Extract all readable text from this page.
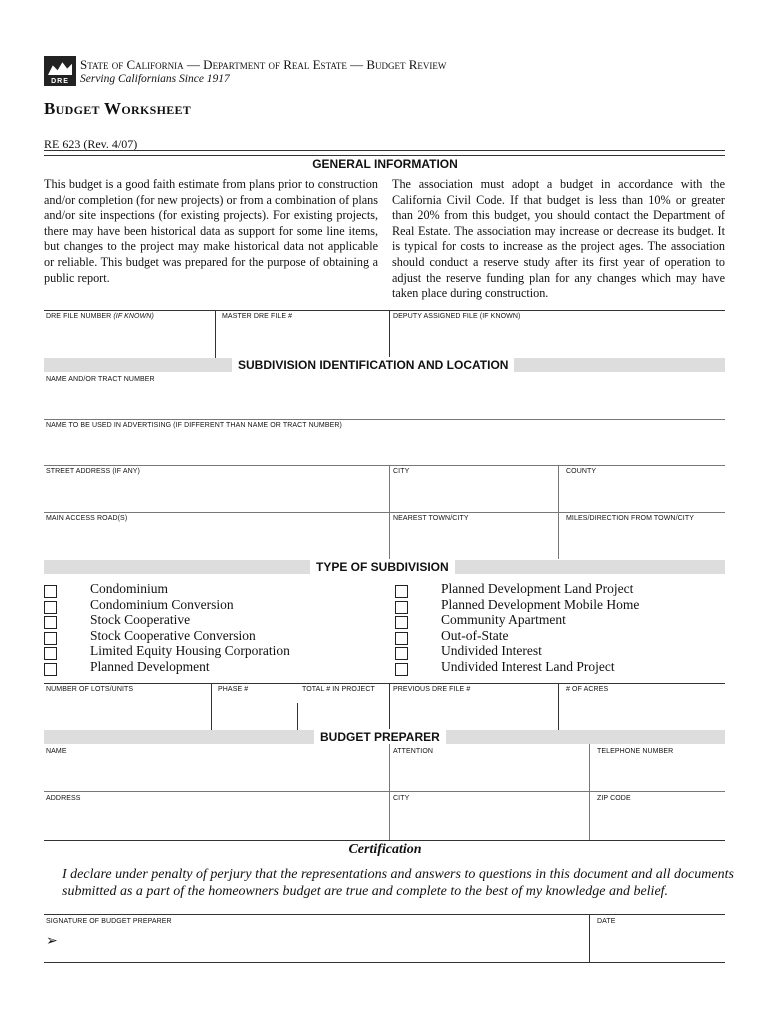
DRE
State of California — Department of Real Estate — Budget Review
Serving Californians Since 1917
Budget Worksheet
RE 623 (Rev. 4/07)
GENERAL INFORMATION

This budget is a good faith estimate from plans prior to construction and/or completion (for new projects) or from a combination of plans and/or site inspections (for existing projects). For existing projects, there may have been historical data as support for some line items, but changes to the project may make historical data not applicable or reliable. This budget was prepared for the purpose of obtaining a public report.

The association must adopt a budget in accordance with the California Civil Code. If that budget is less than 10% or greater than 20% from this budget, you should contact the Department of Real Estate. The association may increase or decrease its budget. It is typical for costs to increase as the project ages. The association should conduct a reserve study after its first year of operation to adjust the reserve funding plan for any changes which may have taken place during construction.

DRE FILE NUMBER (IF KNOWN)	MASTER DRE FILE #	DEPUTY ASSIGNED FILE (IF KNOWN)
SUBDIVISION IDENTIFICATION AND LOCATION
NAME AND/OR TRACT NUMBER
NAME TO BE USED IN ADVERTISING (IF DIFFERENT THAN NAME OR TRACT NUMBER)
STREET ADDRESS (IF ANY)	CITY	COUNTY
MAIN ACCESS ROAD(S)	NEAREST TOWN/CITY	MILES/DIRECTION FROM TOWN/CITY
TYPE OF SUBDIVISION
Condominium
Condominium Conversion
Stock Cooperative
Stock Cooperative Conversion
Limited Equity Housing Corporation
Planned Development
Planned Development Land Project
Planned Development Mobile Home
Community Apartment
Out-of-State
Undivided Interest
Undivided Interest Land Project
NUMBER OF LOTS/UNITS	PHASE #	TOTAL # IN PROJECT	PREVIOUS DRE FILE #	# OF ACRES
BUDGET PREPARER
NAME	ATTENTION	TELEPHONE NUMBER
ADDRESS	CITY	ZIP CODE
Certification
I declare under penalty of perjury that the representations and answers to questions in this document and all documents submitted as a part of the homeowners budget are true and complete to the best of my knowledge and belief.
SIGNATURE OF BUDGET PREPARER	DATE
➢
